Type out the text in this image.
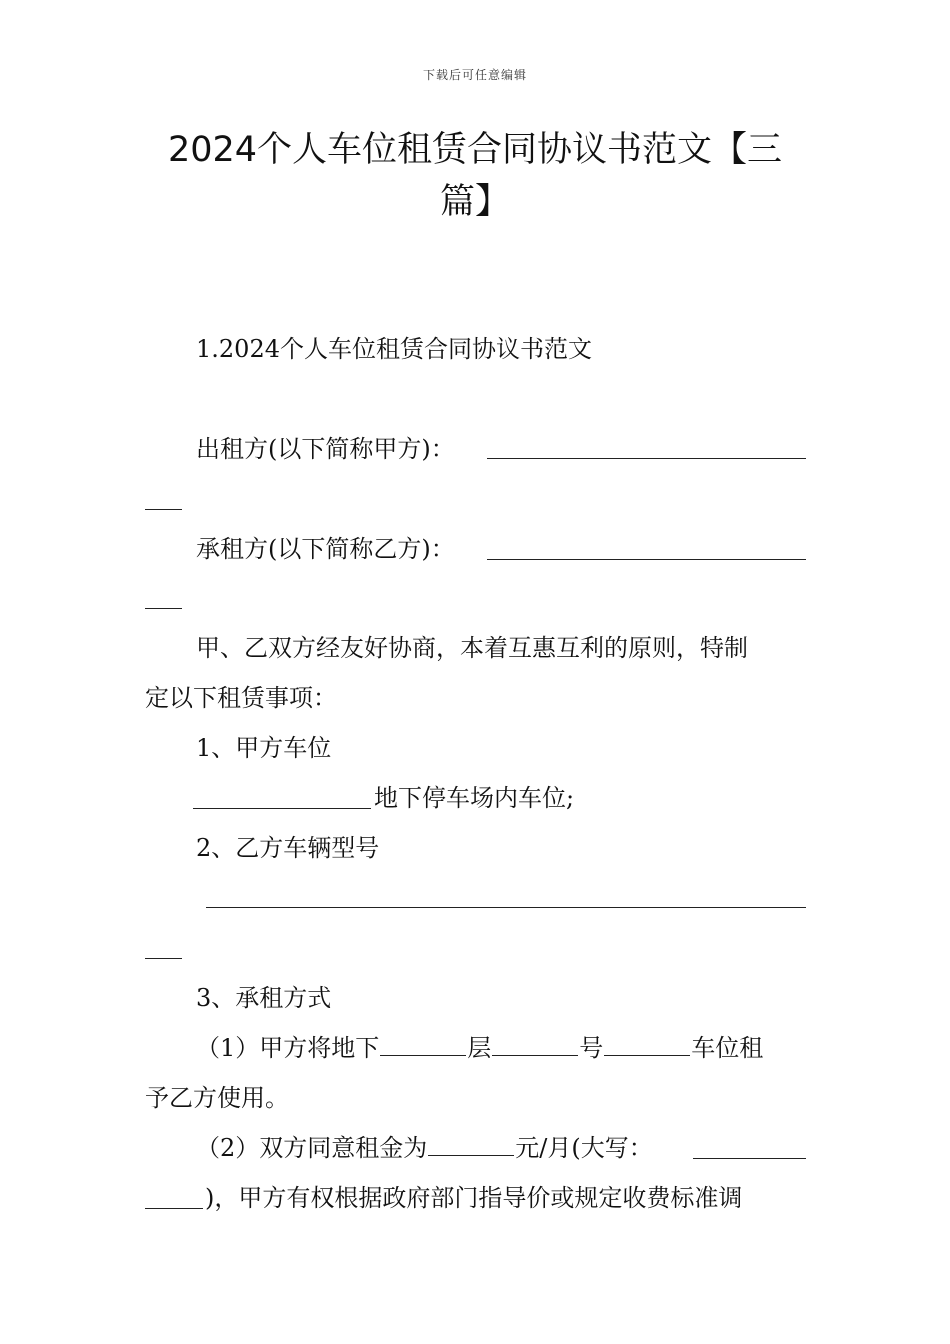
下载后可任意编辑
2024个人车位租赁合同协议书范文【三篇】
1.2024个人车位租赁合同协议书范文
出租方(以下简称甲方)：
承租方(以下简称乙方)：
甲、乙双方经友好协商，本着互惠互利的原则，特制
定以下租赁事项：
1、甲方车位
地下停车场内车位;
2、乙方车辆型号
3、承租方式
（1）甲方将地下	层	号	车位租
予乙方使用。
（2）双方同意租金为	元/月(大写：
)，甲方有权根据政府部门指导价或规定收费标准调
